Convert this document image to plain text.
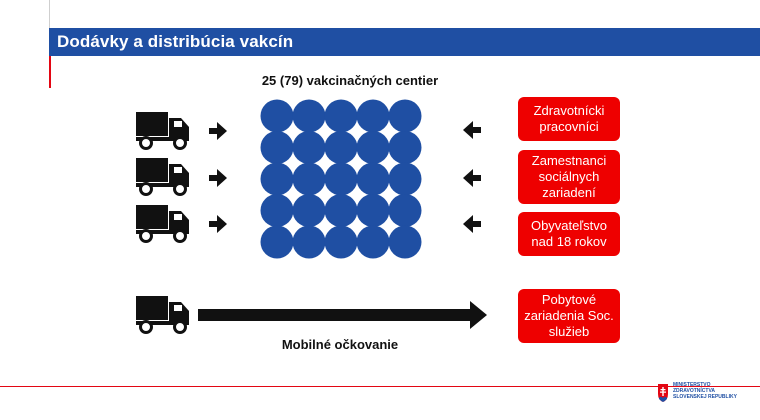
Dodávky a distribúcia vakcín
25 (79) vakcinačných centier
Zdravotnícki pracovníci
Zamestnanci sociálnych zariadení
Obyvateľstvo nad 18 rokov
Pobytové zariadenia Soc. služieb
Mobilné očkovanie
MINISTERSTVO
ZDRAVOTNÍCTVA
SLOVENSKEJ REPUBLIKY
